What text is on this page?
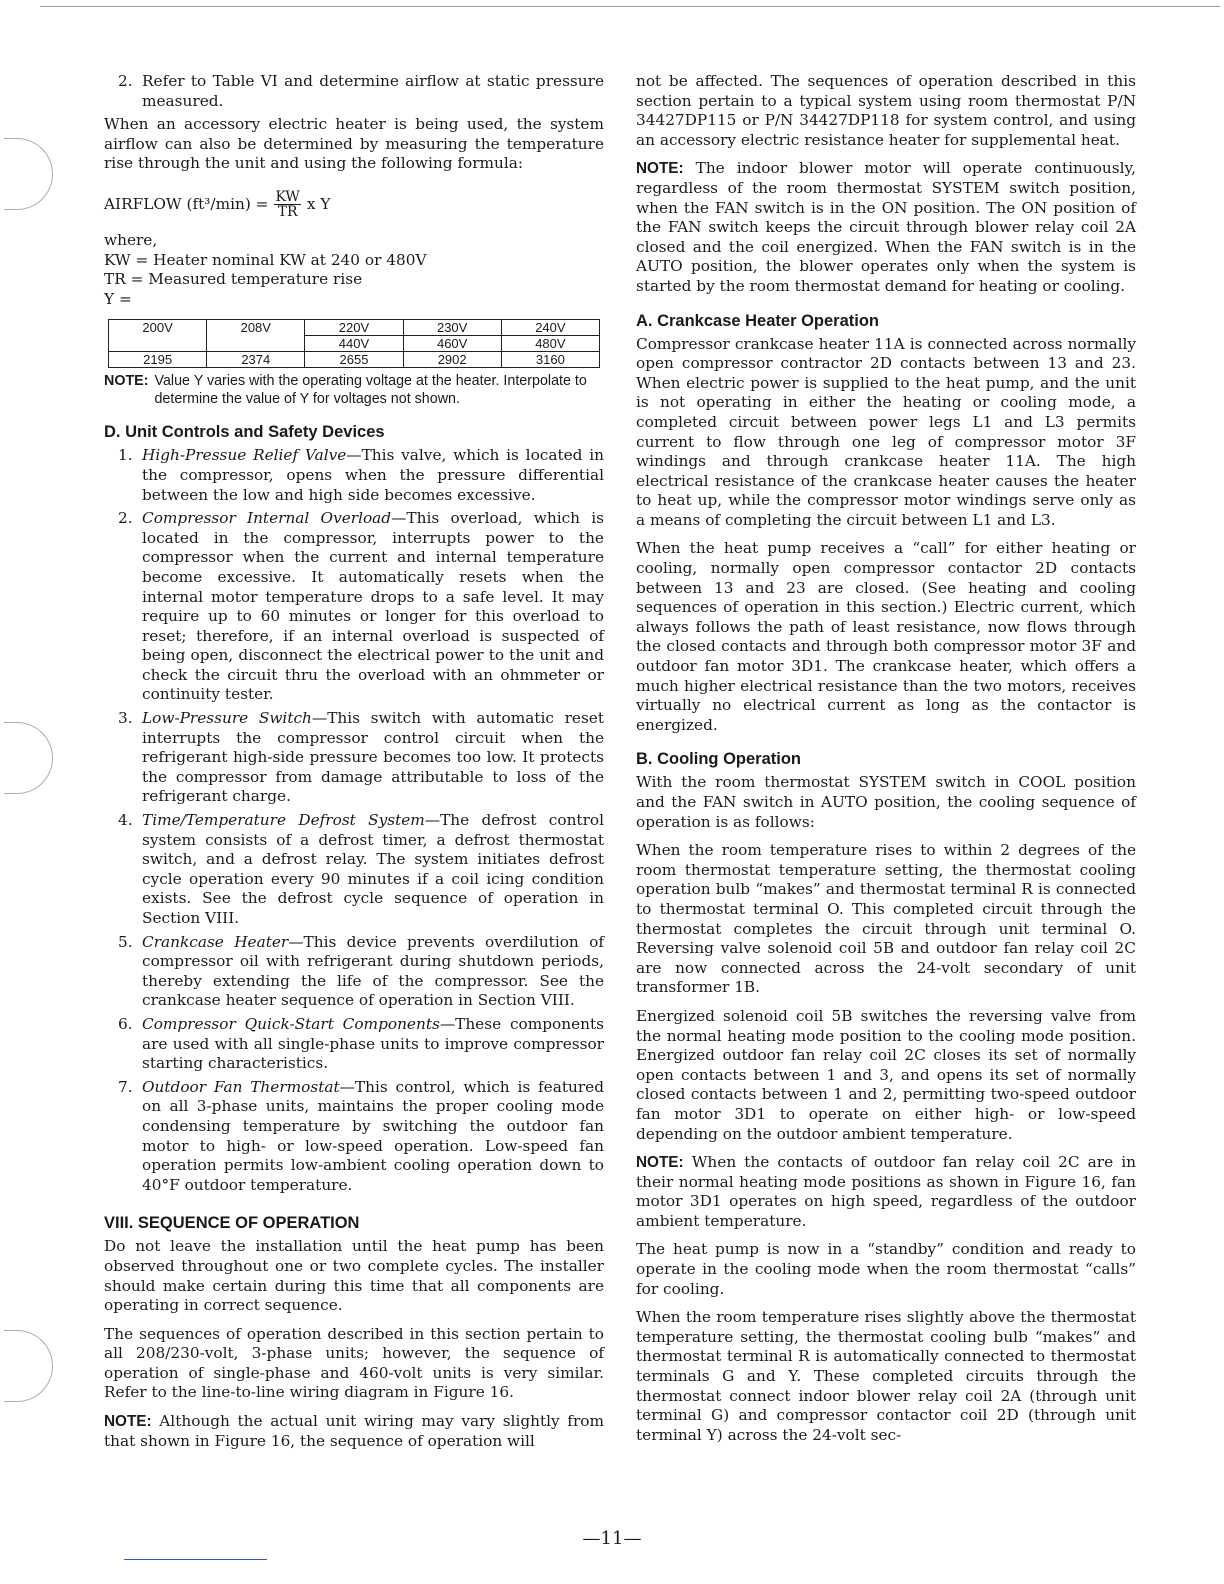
2. Refer to Table VI and determine airflow at static pressure measured.

When an accessory electric heater is being used, the system airflow can also be determined by measuring the temperature rise through the unit and using the following formula:

AIRFLOW $(ft^3/\min) = \frac{KW}{TR}$ x Y

where,

KW = Heater nominal KW at 240 or 480V

TR = Measured temperature rise

Y =

200V	208V	220V	230V	240V
		440V	460V	480V
2195	2374	2655	2902	3160
NOTE: Value Y varies with the operating voltage at the heater. Interpolate to determine the value of Y for voltages not shown.
D. Unit Controls and Safety Devices
1. High-Pressue Relief Valve—This valve, which is located in the compressor, opens when the pressure differential between the low and high side becomes excessive.
2. Compressor Internal Overload—This overload, which is located in the compressor, interrupts power to the compressor when the current and internal temperature become excessive. It automatically resets when the internal motor temperature drops to a safe level. It may require up to 60 minutes or longer for this overload to reset; therefore, if an internal overload is suspected of being open, disconnect the electrical power to the unit and check the circuit thru the overload with an ohmmeter or continuity tester.
3. Low-Pressure Switch—This switch with automatic reset interrupts the compressor control circuit when the refrigerant high-side pressure becomes too low. It protects the compressor from damage attributable to loss of the refrigerant charge.
4. Time/Temperature Defrost System—The defrost control system consists of a defrost timer, a defrost thermostat switch, and a defrost relay. The system initiates defrost cycle operation every 90 minutes if a coil icing condition exists. See the defrost cycle sequence of operation in Section VIII.
5. Crankcase Heater—This device prevents overdilution of compressor oil with refrigerant during shutdown periods, thereby extending the life of the compressor. See the crankcase heater sequence of operation in Section VIII.
6. Compressor Quick-Start Components—These components are used with all single-phase units to improve compressor starting characteristics.
7. Outdoor Fan Thermostat—This control, which is featured on all 3-phase units, maintains the proper cooling mode condensing temperature by switching the outdoor fan motor to high- or low-speed operation. Low-speed fan operation permits low-ambient cooling operation down to 40°F outdoor temperature.
VIII. SEQUENCE OF OPERATION

Do not leave the installation until the heat pump has been observed throughout one or two complete cycles. The installer should make certain during this time that all components are operating in correct sequence.

The sequences of operation described in this section pertain to all 208/230-volt, 3-phase units; however, the sequence of operation of single-phase and 460-volt units is very similar. Refer to the line-to-line wiring diagram in Figure 16.

NOTE: Although the actual unit wiring may vary slightly from that shown in Figure 16, the sequence of operation will

not be affected. The sequences of operation described in this section pertain to a typical system using room thermostat P/N 34427DP115 or P/N 34427DP118 for system control, and using an accessory electric resistance heater for supplemental heat.

NOTE: The indoor blower motor will operate continuously, regardless of the room thermostat SYSTEM switch position, when the FAN switch is in the ON position. The ON position of the FAN switch keeps the circuit through blower relay coil 2A closed and the coil energized. When the FAN switch is in the AUTO position, the blower operates only when the system is started by the room thermostat demand for heating or cooling.

A. Crankcase Heater Operation

Compressor crankcase heater 11A is connected across normally open compressor contractor 2D contacts between 13 and 23. When electric power is supplied to the heat pump, and the unit is not operating in either the heating or cooling mode, a completed circuit between power legs L1 and L3 permits current to flow through one leg of compressor motor 3F windings and through crankcase heater 11A. The high electrical resistance of the crankcase heater causes the heater to heat up, while the compressor motor windings serve only as a means of completing the circuit between L1 and L3.

When the heat pump receives a “call” for either heating or cooling, normally open compressor contactor 2D contacts between 13 and 23 are closed. (See heating and cooling sequences of operation in this section.) Electric current, which always follows the path of least resistance, now flows through the closed contacts and through both compressor motor 3F and outdoor fan motor 3D1. The crankcase heater, which offers a much higher electrical resistance than the two motors, receives virtually no electrical current as long as the contactor is energized.

B. Cooling Operation

With the room thermostat SYSTEM switch in COOL position and the FAN switch in AUTO position, the cooling sequence of operation is as follows:

When the room temperature rises to within 2 degrees of the room thermostat temperature setting, the thermostat cooling operation bulb “makes” and thermostat terminal R is connected to thermostat terminal O. This completed circuit through the thermostat completes the circuit through unit terminal O. Reversing valve solenoid coil 5B and outdoor fan relay coil 2C are now connected across the 24-volt secondary of unit transformer 1B.

Energized solenoid coil 5B switches the reversing valve from the normal heating mode position to the cooling mode position. Energized outdoor fan relay coil 2C closes its set of normally open contacts between 1 and 3, and opens its set of normally closed contacts between 1 and 2, permitting two-speed outdoor fan motor 3D1 to operate on either high- or low-speed depending on the outdoor ambient temperature.

NOTE: When the contacts of outdoor fan relay coil 2C are in their normal heating mode positions as shown in Figure 16, fan motor 3D1 operates on high speed, regardless of the outdoor ambient temperature.

The heat pump is now in a “standby” condition and ready to operate in the cooling mode when the room thermostat “calls” for cooling.

When the room temperature rises slightly above the thermostat temperature setting, the thermostat cooling bulb “makes” and thermostat terminal R is automatically connected to thermostat terminals G and Y. These completed circuits through the thermostat connect indoor blower relay coil 2A (through unit terminal G) and compressor contactor coil 2D (through unit terminal Y) across the 24-volt sec-

—11—
